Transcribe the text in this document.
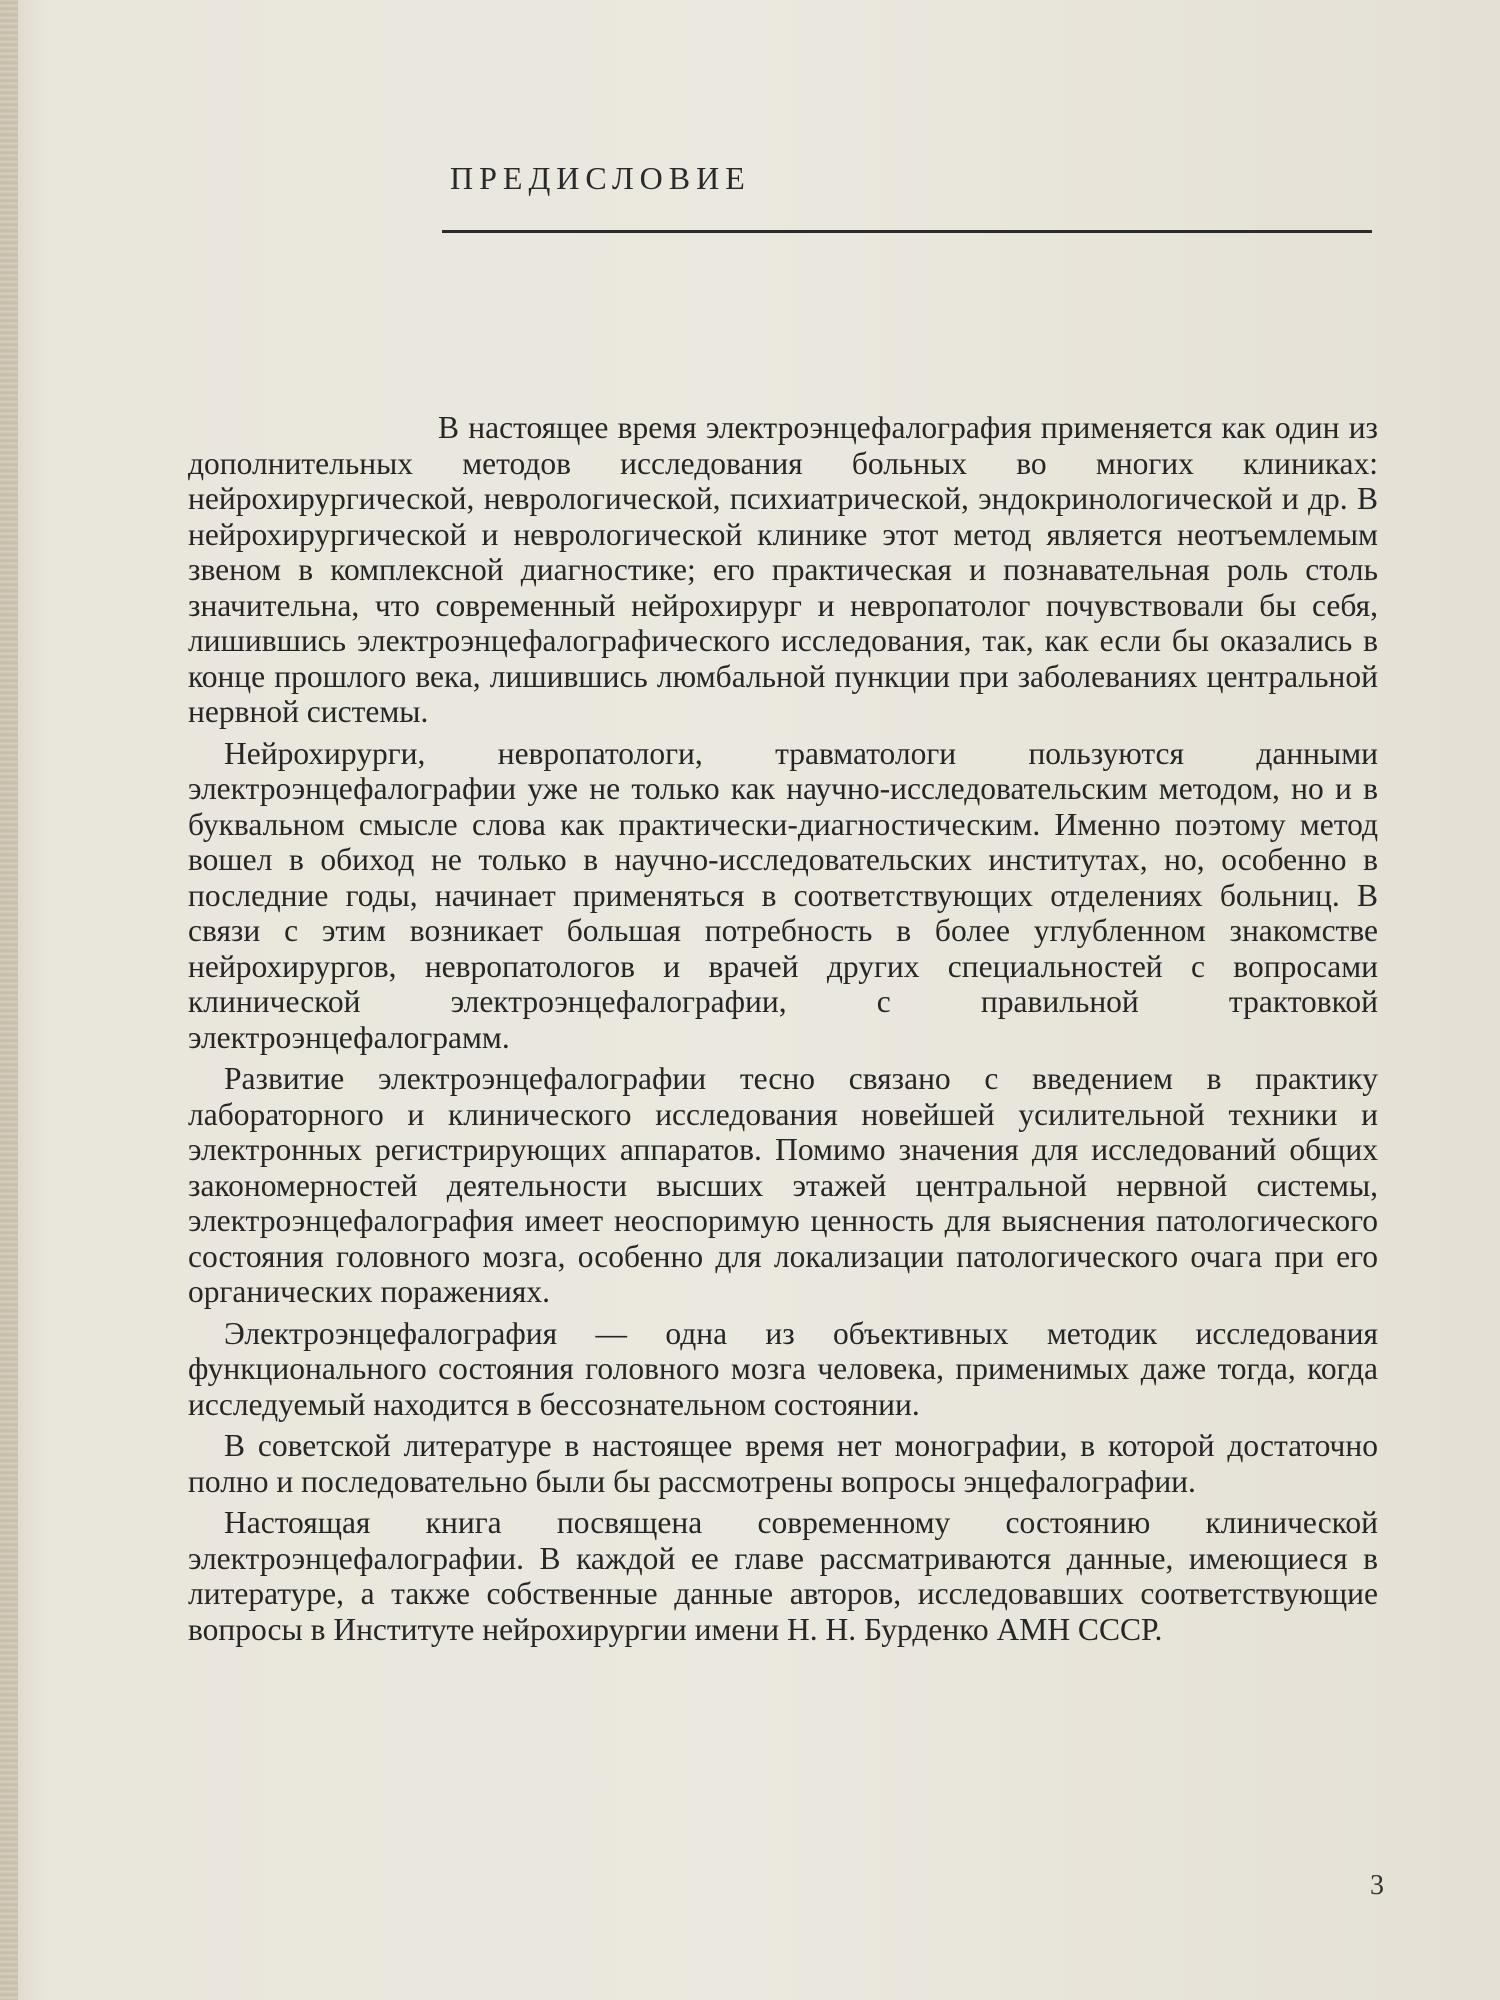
ПРЕДИСЛОВИЕ

В настоящее время электроэнцефалография применяется как один из дополнительных методов исследования больных во многих клиниках: нейрохирургической, неврологической, психиатрической, эндокринологической и др. В нейрохирургической и неврологической клинике этот метод является неотъемлемым звеном в комплексной диагностике; его практическая и познавательная роль столь значительна, что современный нейрохирург и невропатолог почувствовали бы себя, лишившись электроэнцефалографического исследования, так, как если бы оказались в конце прошлого века, лишившись люмбальной пункции при заболеваниях центральной нервной системы.

Нейрохирурги, невропатологи, травматологи пользуются данными электроэнцефалографии уже не только как научно-исследовательским методом, но и в буквальном смысле слова как практически-диагностическим. Именно поэтому метод вошел в обиход не только в научно-исследовательских институтах, но, особенно в последние годы, начинает применяться в соответствующих отделениях больниц. В связи с этим возникает большая потребность в более углубленном знакомстве нейрохирургов, невропатологов и врачей других специальностей с вопросами клинической электроэнцефалографии, с правильной трактовкой электроэнцефалограмм.

Развитие электроэнцефалографии тесно связано с введением в практику лабораторного и клинического исследования новейшей усилительной техники и электронных регистрирующих аппаратов. Помимо значения для исследований общих закономерностей деятельности высших этажей центральной нервной системы, электроэнцефалография имеет неоспоримую ценность для выяснения патологического состояния головного мозга, особенно для локализации патологического очага при его органических поражениях.

Электроэнцефалография — одна из объективных методик исследования функционального состояния головного мозга человека, применимых даже тогда, когда исследуемый находится в бессознательном состоянии.

В советской литературе в настоящее время нет монографии, в которой достаточно полно и последовательно были бы рассмотрены вопросы энцефалографии.

Настоящая книга посвящена современному состоянию клинической электроэнцефалографии. В каждой ее главе рассматриваются данные, имеющиеся в литературе, а также собственные данные авторов, исследовавших соответствующие вопросы в Институте нейрохирургии имени Н. Н. Бурденко АМН СССР.

3
